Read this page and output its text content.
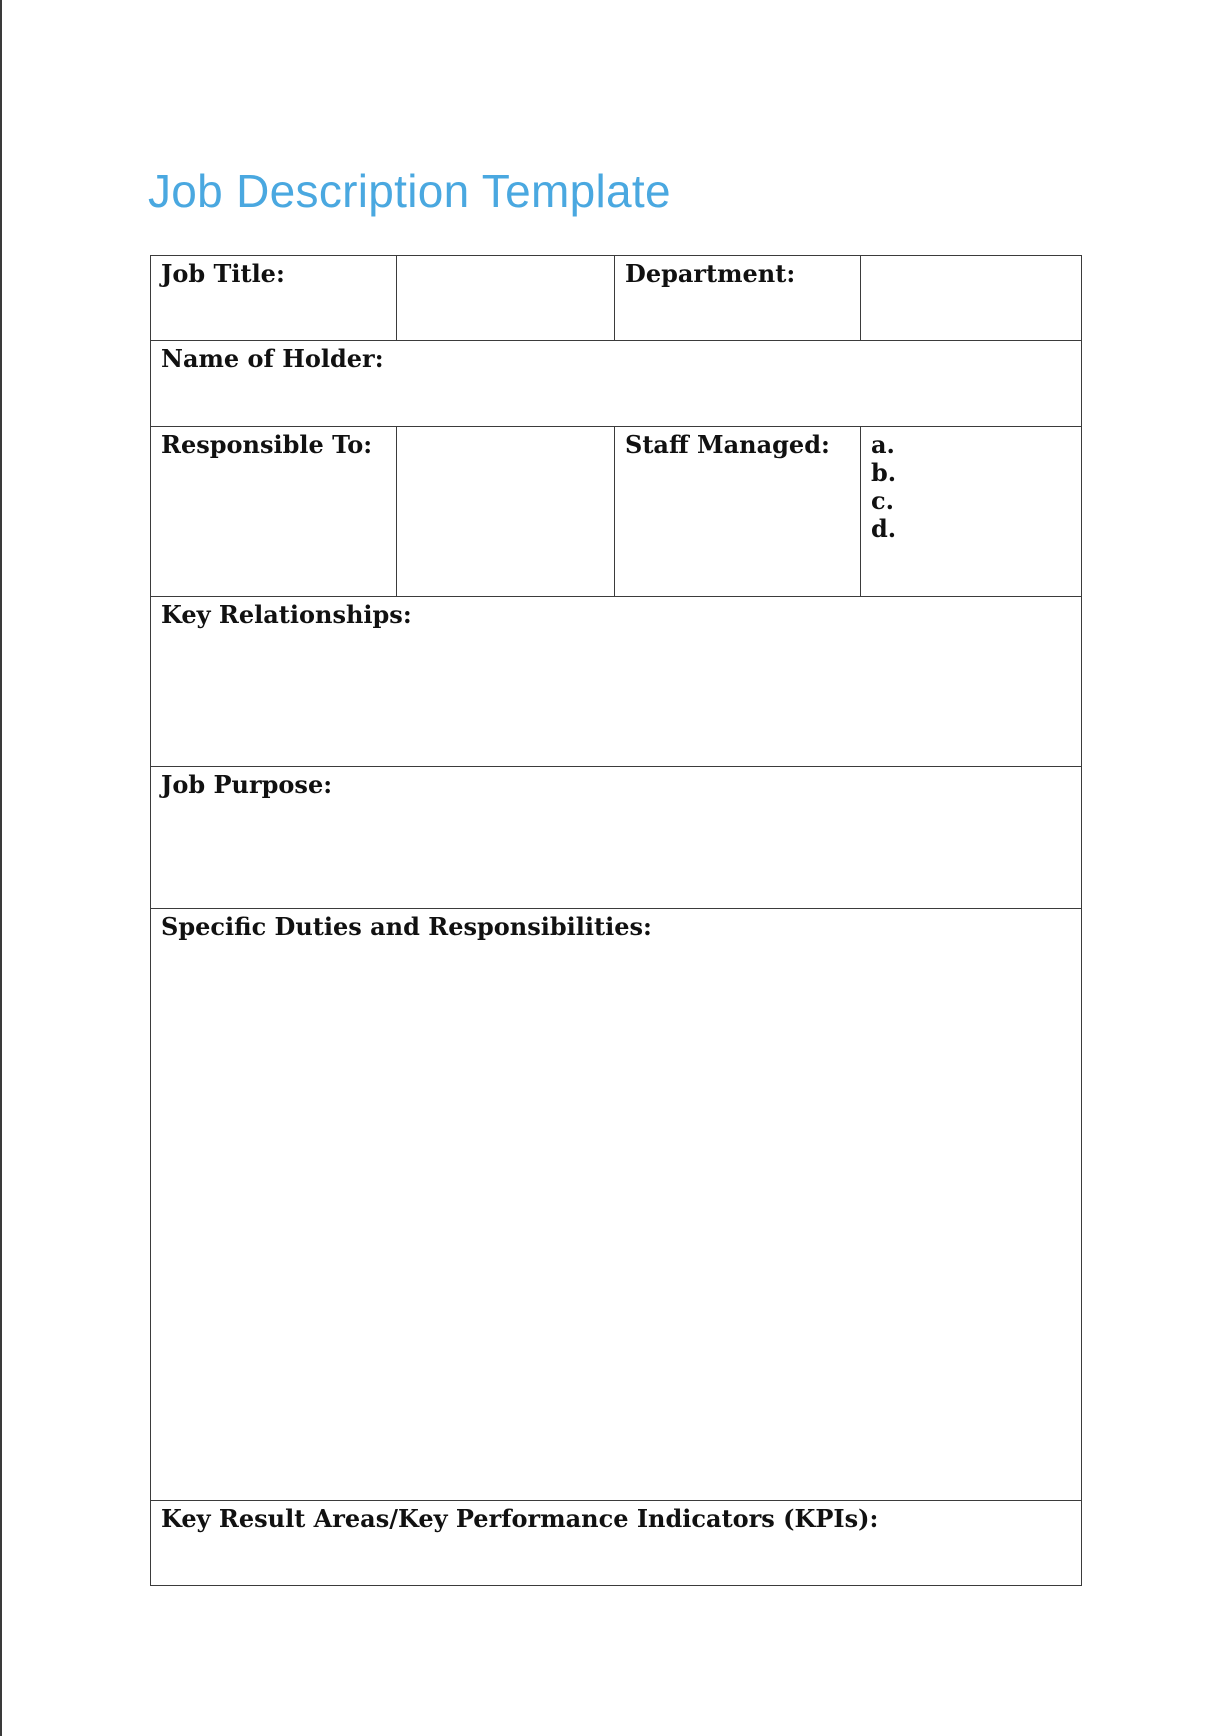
Job Description Template
Job Title:		Department:	
Name of Holder:			
Responsible To:		Staff Managed:	a.
b.
c.
d.

Key Relationships:			
Job Purpose:			
Specific Duties and Responsibilities:			
Key Result Areas/Key Performance Indicators (KPIs):			
